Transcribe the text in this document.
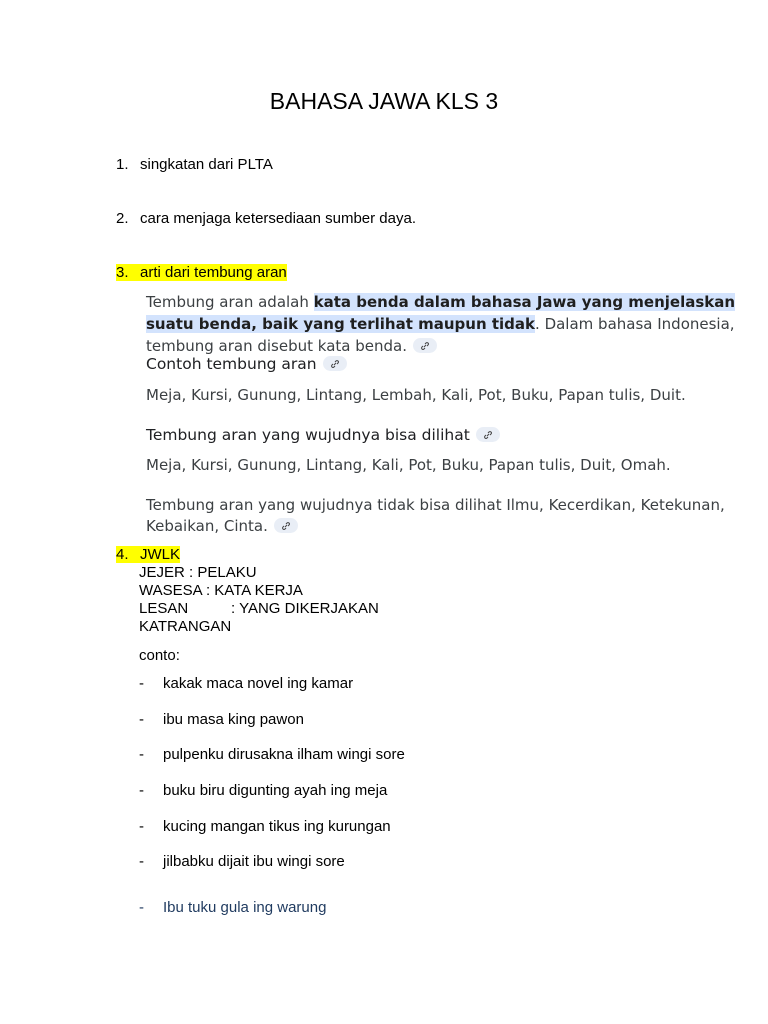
BAHASA JAWA KLS 3
1. singkatan dari PLTA
2. cara menjaga ketersediaan sumber daya.
3. arti dari tembung aran
Tembung aran adalah kata benda dalam bahasa Jawa yang menjelaskan
suatu benda, baik yang terlihat maupun tidak. Dalam bahasa Indonesia,
tembung aran disebut kata benda.
Contoh tembung aran
Meja, Kursi, Gunung, Lintang, Lembah, Kali, Pot, Buku, Papan tulis, Duit.
Tembung aran yang wujudnya bisa dilihat
Meja, Kursi, Gunung, Lintang, Kali, Pot, Buku, Papan tulis, Duit, Omah.
Tembung aran yang wujudnya tidak bisa dilihat Ilmu, Kecerdikan, Ketekunan,
Kebaikan, Cinta.
4. JWLK
JEJER : PELAKU
WASESA : KATA KERJA
LESAN	: YANG DIKERJAKAN
KATRANGAN
conto:
- kakak maca novel ing kamar
- ibu masa king pawon
- pulpenku dirusakna ilham wingi sore
- buku biru digunting ayah ing meja
- kucing mangan tikus ing kurungan
- jilbabku dijait ibu wingi sore
- Ibu tuku gula ing warung
